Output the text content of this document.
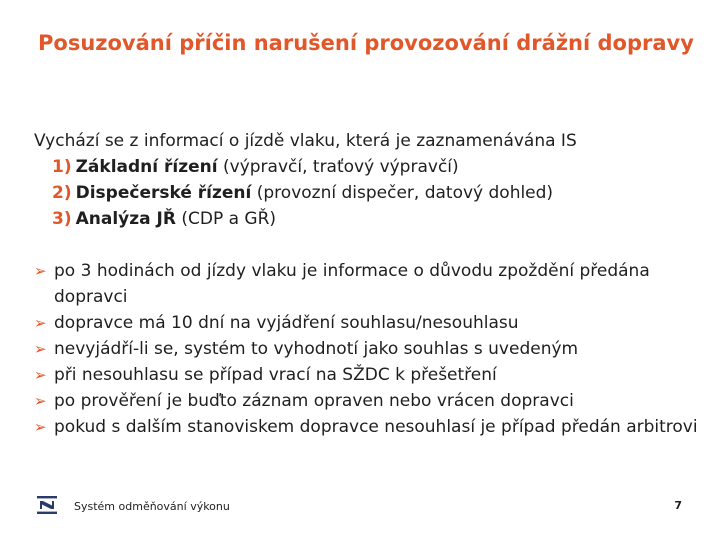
Posuzování příčin narušení provozování drážní dopravy
Vychází se z informací o jízdě vlaku, která je zaznamenávána IS
1) Základní řízení (výpravčí, traťový výpravčí)
2) Dispečerské řízení (provozní dispečer, datový dohled)
3) Analýza JŘ (CDP a GŘ)
➢ po 3 hodinách od jízdy vlaku je informace o důvodu zpoždění předána dopravci
➢ dopravce má 10 dní na vyjádření souhlasu/nesouhlasu
➢ nevyjádří-li se, systém to vyhodnotí jako souhlas s uvedeným
➢ při nesouhlasu se případ vrací na SŽDC k přešetření
➢ po prověření je buďto záznam opraven nebo vrácen dopravci
➢ pokud s dalším stanoviskem dopravce nesouhlasí je případ předán arbitrovi
Systém odměňování výkonu	7
